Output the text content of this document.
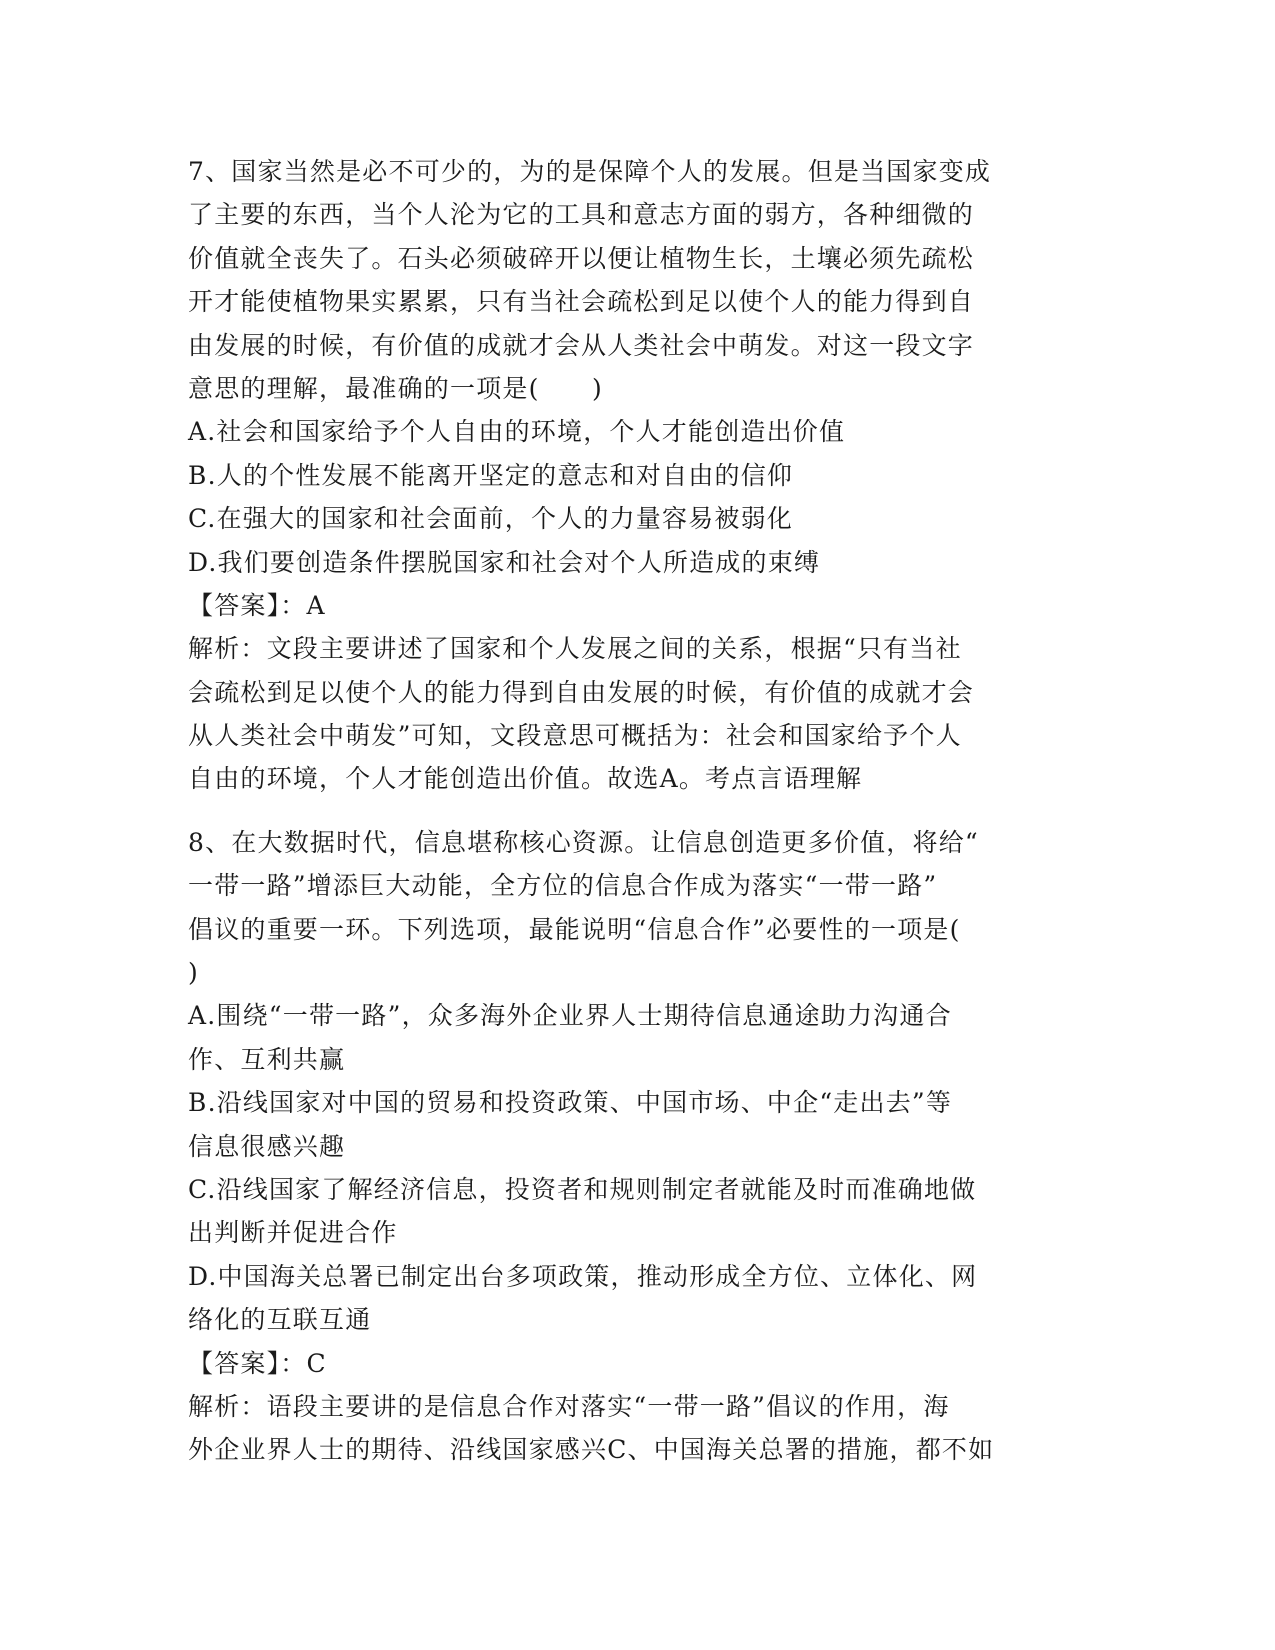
7、国家当然是必不可少的，为的是保障个人的发展。但是当国家变成
了主要的东西，当个人沦为它的工具和意志方面的弱方，各种细微的
价值就全丧失了。石头必须破碎开以便让植物生长，土壤必须先疏松
开才能使植物果实累累，只有当社会疏松到足以使个人的能力得到自
由发展的时候，有价值的成就才会从人类社会中萌发。对这一段文字
意思的理解，最准确的一项是(　　)
A.社会和国家给予个人自由的环境，个人才能创造出价值
B.人的个性发展不能离开坚定的意志和对自由的信仰
C.在强大的国家和社会面前，个人的力量容易被弱化
D.我们要创造条件摆脱国家和社会对个人所造成的束缚
【答案】：A
解析：文段主要讲述了国家和个人发展之间的关系，根据“只有当社
会疏松到足以使个人的能力得到自由发展的时候，有价值的成就才会
从人类社会中萌发”可知，文段意思可概括为：社会和国家给予个人
自由的环境，个人才能创造出价值。故选A。考点言语理解
8、在大数据时代，信息堪称核心资源。让信息创造更多价值，将给“
一带一路”增添巨大动能，全方位的信息合作成为落实“一带一路”
倡议的重要一环。下列选项，最能说明“信息合作”必要性的一项是(
)
A.围绕“一带一路”，众多海外企业界人士期待信息通途助力沟通合
作、互利共赢
B.沿线国家对中国的贸易和投资政策、中国市场、中企“走出去”等
信息很感兴趣
C.沿线国家了解经济信息，投资者和规则制定者就能及时而准确地做
出判断并促进合作
D.中国海关总署已制定出台多项政策，推动形成全方位、立体化、网
络化的互联互通
【答案】：C
解析：语段主要讲的是信息合作对落实“一带一路”倡议的作用，海
外企业界人士的期待、沿线国家感兴C、中国海关总署的措施，都不如
